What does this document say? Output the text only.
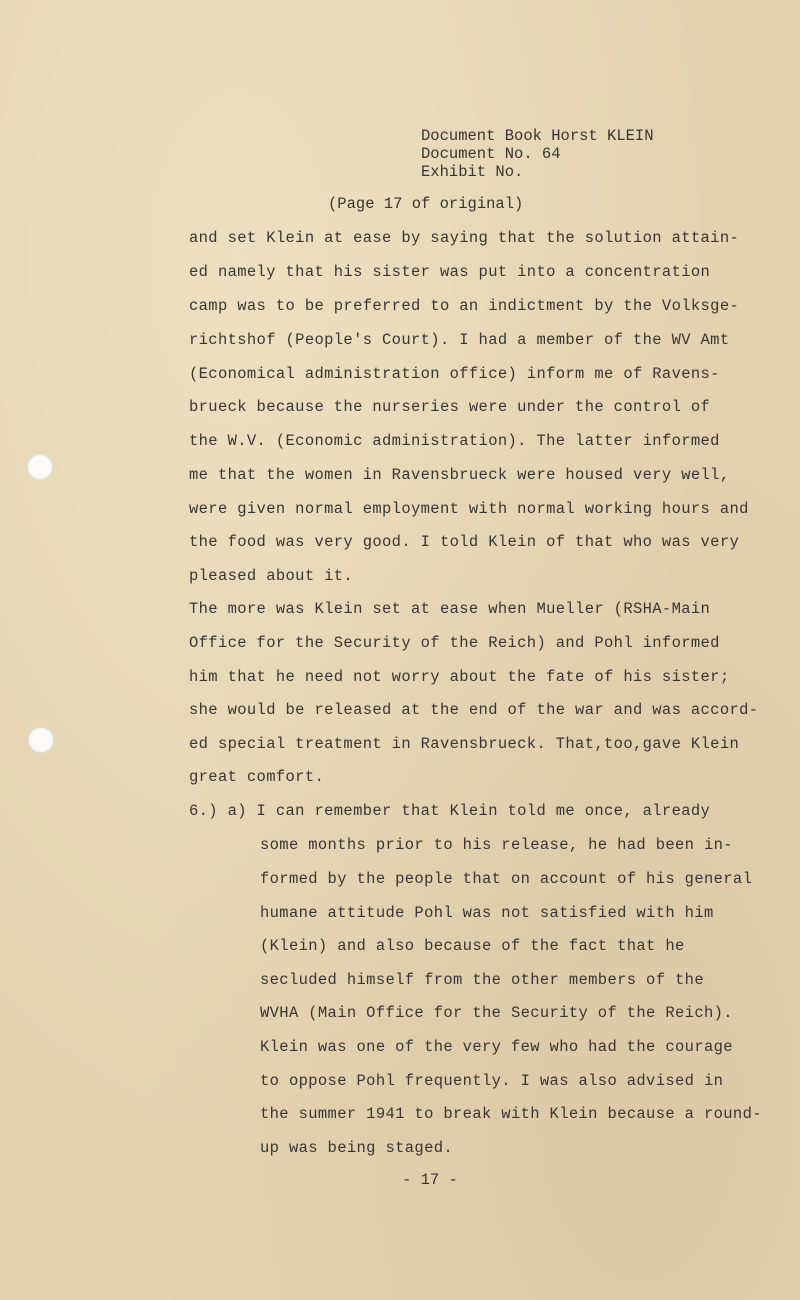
Document Book Horst KLEIN
Document No. 64
Exhibit No.
(Page 17 of original)
and set Klein at ease by saying that the solution attain-
ed namely that his sister was put into a concentration
camp was to be preferred to an indictment by the Volksge-
richtshof (People's Court). I had a member of the WV Amt
(Economical administration office) inform me of Ravens-
brueck because the nurseries were under the control of
the W.V. (Economic administration). The latter informed
me that the women in Ravensbrueck were housed very well,
were given normal employment with normal working hours and
the food was very good. I told Klein of that who was very
pleased about it.
The more was Klein set at ease when Mueller (RSHA-Main
Office for the Security of the Reich) and Pohl informed
him that he need not worry about the fate of his sister;
she would be released at the end of the war and was accord-
ed special treatment in Ravensbrueck. That,too,gave Klein
great comfort.
6.) a) I can remember that Klein told me once, already
some months prior to his release, he had been in-
formed by the people that on account of his general
humane attitude Pohl was not satisfied with him
(Klein) and also because of the fact that he
secluded himself from the other members of the
WVHA (Main Office for the Security of the Reich).
Klein was one of the very few who had the courage
to oppose Pohl frequently. I was also advised in
the summer 1941 to break with Klein because a round-
up was being staged.
- 17 -
